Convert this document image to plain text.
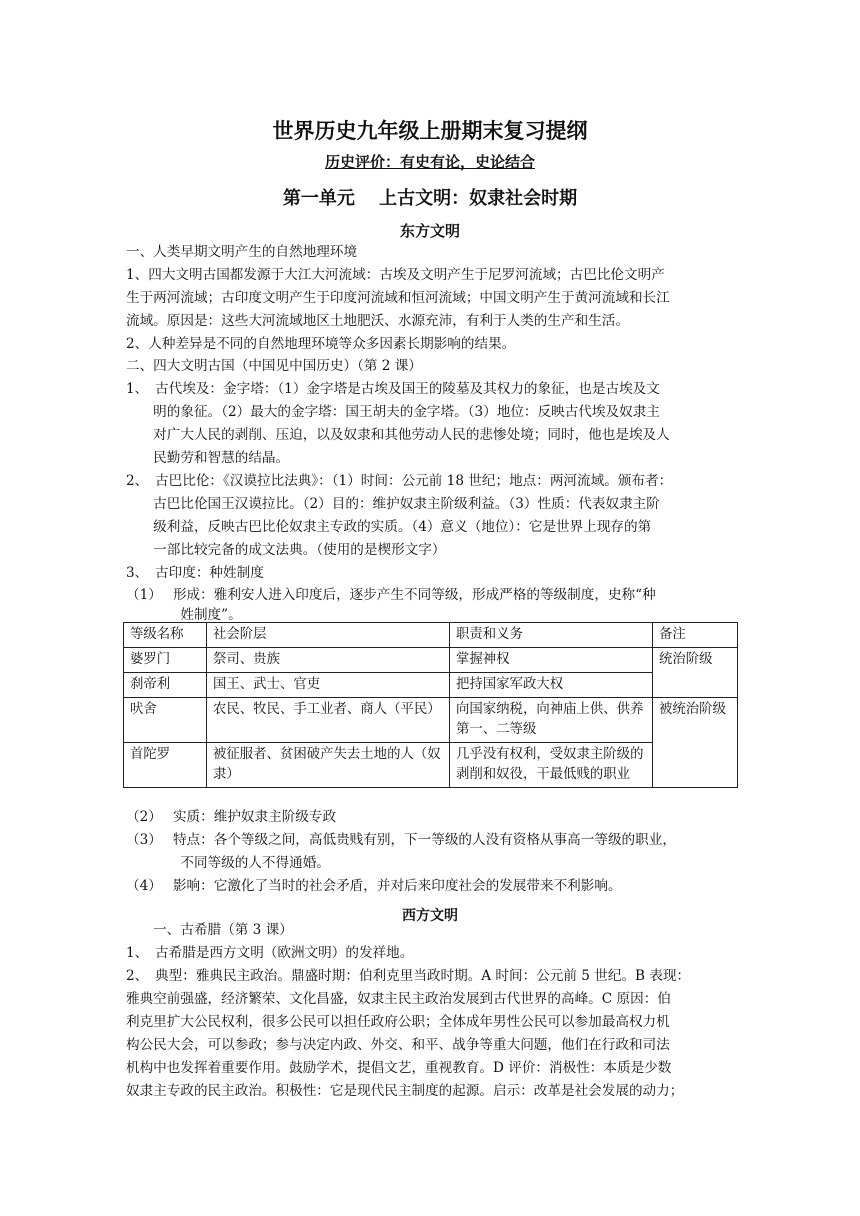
世界历史九年级上册期末复习提纲
历史评价：有史有论，史论结合
第一单元　 上古文明：奴隶社会时期
东方文明
一、人类早期文明产生的自然地理环境
1、四大文明古国都发源于大江大河流域：古埃及文明产生于尼罗河流域；古巴比伦文明产
生于两河流域；古印度文明产生于印度河流域和恒河流域；中国文明产生于黄河流域和长江
流域。原因是：这些大河流域地区土地肥沃、水源充沛，有利于人类的生产和生活。
2、人种差异是不同的自然地理环境等众多因素长期影响的结果。
二、四大文明古国（中国见中国历史）（第 2 课）
1、　古代埃及：金字塔：（1）金字塔是古埃及国王的陵墓及其权力的象征，也是古埃及文
　　明的象征。（2）最大的金字塔：国王胡夫的金字塔。（3）地位：反映古代埃及奴隶主
　　对广大人民的剥削、压迫，以及奴隶和其他劳动人民的悲惨处境；同时，他也是埃及人
　　民勤劳和智慧的结晶。
2、　古巴比伦：《汉谟拉比法典》：（1）时间：公元前 18 世纪；地点：两河流域。颁布者：
　　古巴比伦国王汉谟拉比。（2）目的：维护奴隶主阶级利益。（3）性质：代表奴隶主阶
　　级利益，反映古巴比伦奴隶主专政的实质。（4）意义（地位）：它是世界上现存的第
　　一部比较完备的成文法典。（使用的是楔形文字）
3、　古印度：种姓制度
（1）　 形成：雅利安人进入印度后，逐步产生不同等级，形成严格的等级制度，史称“种
　　　　姓制度”。
等级名称	社会阶层	职责和义务	备注
婆罗门	祭司、贵族	掌握神权	统治阶级
刹帝利	国王、武士、官吏	把持国家军政大权	
吠舍	农民、牧民、手工业者、商人（平民）	向国家纳税，向神庙上供、供养第一、二等级	被统治阶级
首陀罗	被征服者、贫困破产失去土地的人（奴隶）	几乎没有权利，受奴隶主阶级的剥削和奴役，干最低贱的职业	
（2）　 实质：维护奴隶主阶级专政
（3）　 特点：各个等级之间，高低贵贱有别，下一等级的人没有资格从事高一等级的职业，
　　　　不同等级的人不得通婚。
（4）　 影响：它激化了当时的社会矛盾，并对后来印度社会的发展带来不利影响。
西方文明
　　一、古希腊（第 3 课）
1、　古希腊是西方文明（欧洲文明）的发祥地。
2、　典型：雅典民主政治。鼎盛时期：伯利克里当政时期。A 时间：公元前 5 世纪。B 表现：
雅典空前强盛，经济繁荣、文化昌盛，奴隶主民主政治发展到古代世界的高峰。C 原因：伯
利克里扩大公民权利，很多公民可以担任政府公职；全体成年男性公民可以参加最高权力机
构公民大会，可以参政；参与决定内政、外交、和平、战争等重大问题，他们在行政和司法
机构中也发挥着重要作用。鼓励学术，提倡文艺，重视教育。D 评价：消极性：本质是少数
奴隶主专政的民主政治。积极性：它是现代民主制度的起源。启示：改革是社会发展的动力；
